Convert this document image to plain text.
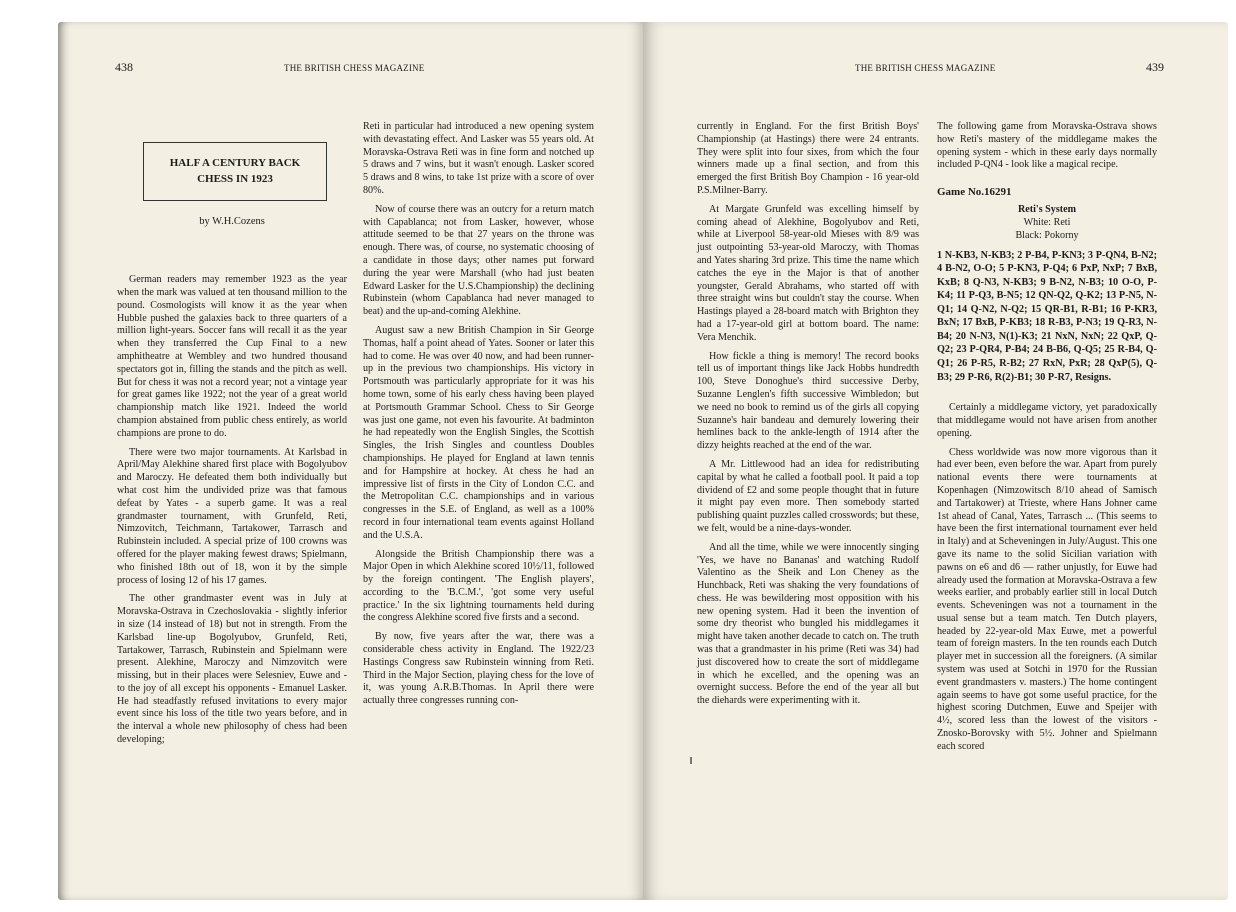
438	THE BRITISH CHESS MAGAZINE
HALF A CENTURY BACK
CHESS IN 1923
by W.H.Cozens

German readers may remember 1923 as the year when the mark was valued at ten thousand million to the pound. Cosmologists will know it as the year when Hubble pushed the galaxies back to three quarters of a million light-years. Soccer fans will recall it as the year when they transferred the Cup Final to a new amphitheatre at Wembley and two hundred thousand spectators got in, filling the stands and the pitch as well. But for chess it was not a record year; not a vintage year for great games like 1922; not the year of a great world championship match like 1921. Indeed the world champion abstained from public chess entirely, as world champions are prone to do.

There were two major tournaments. At Karlsbad in April/May Alekhine shared first place with Bogolyubov and Maroczy. He defeated them both individually but what cost him the undivided prize was that famous defeat by Yates - a superb game. It was a real grandmaster tournament, with Grunfeld, Reti, Nimzovitch, Teichmann, Tartakower, Tarrasch and Rubinstein included. A special prize of 100 crowns was offered for the player making fewest draws; Spielmann, who finished 18th out of 18, won it by the simple process of losing 12 of his 17 games.

The other grandmaster event was in July at Moravska-Ostrava in Czechoslovakia - slightly inferior in size (14 instead of 18) but not in strength. From the Karlsbad line-up Bogolyubov, Grunfeld, Reti, Tartakower, Tarrasch, Rubinstein and Spielmann were present. Alekhine, Maroczy and Nimzovitch were missing, but in their places were Selesniev, Euwe and - to the joy of all except his opponents - Emanuel Lasker. He had steadfastly refused invitations to every major event since his loss of the title two years before, and in the interval a whole new philosophy of chess had been developing;

Reti in particular had introduced a new opening system with devastating effect. And Lasker was 55 years old. At Moravska-Ostrava Reti was in fine form and notched up 5 draws and 7 wins, but it wasn't enough. Lasker scored 5 draws and 8 wins, to take 1st prize with a score of over 80%.

Now of course there was an outcry for a return match with Capablanca; not from Lasker, however, whose attitude seemed to be that 27 years on the throne was enough. There was, of course, no systematic choosing of a candidate in those days; other names put forward during the year were Marshall (who had just beaten Edward Lasker for the U.S.Championship) the declining Rubinstein (whom Capablanca had never managed to beat) and the up-and-coming Alekhine.

August saw a new British Champion in Sir George Thomas, half a point ahead of Yates. Sooner or later this had to come. He was over 40 now, and had been runner-up in the previous two championships. His victory in Portsmouth was particularly appropriate for it was his home town, some of his early chess having been played at Portsmouth Grammar School. Chess to Sir George was just one game, not even his favourite. At badminton he had repeatedly won the English Singles, the Scottish Singles, the Irish Singles and countless Doubles championships. He played for England at lawn tennis and for Hampshire at hockey. At chess he had an impressive list of firsts in the City of London C.C. and the Metropolitan C.C. championships and in various congresses in the S.E. of England, as well as a 100% record in four international team events against Holland and the U.S.A.

Alongside the British Championship there was a Major Open in which Alekhine scored 10½/11, followed by the foreign contingent. 'The English players', according to the 'B.C.M.', 'got some very useful practice.' In the six lightning tournaments held during the congress Alekhine scored five firsts and a second.

By now, five years after the war, there was a considerable chess activity in England. The 1922/23 Hastings Congress saw Rubinstein winning from Reti. Third in the Major Section, playing chess for the love of it, was young A.R.B.Thomas. In April there were actually three congresses running con-

THE BRITISH CHESS MAGAZINE	439

currently in England. For the first British Boys' Championship (at Hastings) there were 24 entrants. They were split into four sixes, from which the four winners made up a final section, and from this emerged the first British Boy Champion - 16 year-old P.S.Milner-Barry.

At Margate Grunfeld was excelling himself by coming ahead of Alekhine, Bogolyubov and Reti, while at Liverpool 58-year-old Mieses with 8/9 was just outpointing 53-year-old Maroczy, with Thomas and Yates sharing 3rd prize. This time the name which catches the eye in the Major is that of another youngster, Gerald Abrahams, who started off with three straight wins but couldn't stay the course. When Hastings played a 28-board match with Brighton they had a 17-year-old girl at bottom board. The name: Vera Menchik.

How fickle a thing is memory! The record books tell us of important things like Jack Hobbs hundredth 100, Steve Donoghue's third successive Derby, Suzanne Lenglen's fifth successive Wimbledon; but we need no book to remind us of the girls all copying Suzanne's hair bandeau and demurely lowering their hemlines back to the ankle-length of 1914 after the dizzy heights reached at the end of the war.

A Mr. Littlewood had an idea for redistributing capital by what he called a football pool. It paid a top dividend of £2 and some people thought that in future it might pay even more. Then somebody started publishing quaint puzzles called crosswords; but these, we felt, would be a nine-days-wonder.

And all the time, while we were innocently singing 'Yes, we have no Bananas' and watching Rudolf Valentino as the Sheik and Lon Cheney as the Hunchback, Reti was shaking the very foundations of chess. He was bewildering most opposition with his new opening system. Had it been the invention of some dry theorist who bungled his middlegames it might have taken another decade to catch on. The truth was that a grandmaster in his prime (Reti was 34) had just discovered how to create the sort of middlegame in which he excelled, and the opening was an overnight success. Before the end of the year all but the diehards were experimenting with it.

The following game from Moravska-Ostrava shows how Reti's mastery of the middlegame makes the opening system - which in these early days normally included P-QN4 - look like a magical recipe.

Game No.16291
Reti's System
White: Reti
Black: Pokorny
1 N-KB3, N-KB3; 2 P-B4, P-KN3; 3 P-QN4, B-N2; 4 B-N2, O-O; 5 P-KN3, P-Q4; 6 PxP, NxP; 7 BxB, KxB; 8 Q-N3, N-KB3; 9 B-N2, N-B3; 10 O-O, P-K4; 11 P-Q3, B-N5; 12 QN-Q2, Q-K2; 13 P-N5, N-Q1; 14 Q-N2, N-Q2; 15 QR-B1, R-B1; 16 P-KR3, BxN; 17 BxB, P-KB3; 18 R-B3, P-N3; 19 Q-R3, N-B4; 20 N-N3, N(1)-K3; 21 NxN, NxN; 22 QxP, Q-Q2; 23 P-QR4, P-B4; 24 B-B6, Q-Q5; 25 R-B4, Q-Q1; 26 P-R5, R-B2; 27 RxN, PxR; 28 QxP(5), Q-B3; 29 P-R6, R(2)-B1; 30 P-R7, Resigns.

Certainly a middlegame victory, yet paradoxically that middlegame would not have arisen from another opening.

Chess worldwide was now more vigorous than it had ever been, even before the war. Apart from purely national events there were tournaments at Kopenhagen (Nimzowitsch 8/10 ahead of Samisch and Tartakower) at Trieste, where Hans Johner came 1st ahead of Canal, Yates, Tarrasch ... (This seems to have been the first international tournament ever held in Italy) and at Scheveningen in July/August. This one gave its name to the solid Sicilian variation with pawns on e6 and d6 — rather unjustly, for Euwe had already used the formation at Moravska-Ostrava a few weeks earlier, and probably earlier still in local Dutch events. Scheveningen was not a tournament in the usual sense but a team match. Ten Dutch players, headed by 22-year-old Max Euwe, met a powerful team of foreign masters. In the ten rounds each Dutch player met in succession all the foreigners. (A similar system was used at Sotchi in 1970 for the Russian event grandmasters v. masters.) The home contingent again seems to have got some useful practice, for the highest scoring Dutchmen, Euwe and Speijer with 4½, scored less than the lowest of the visitors - Znosko-Borovsky with 5½. Johner and Spielmann each scored
